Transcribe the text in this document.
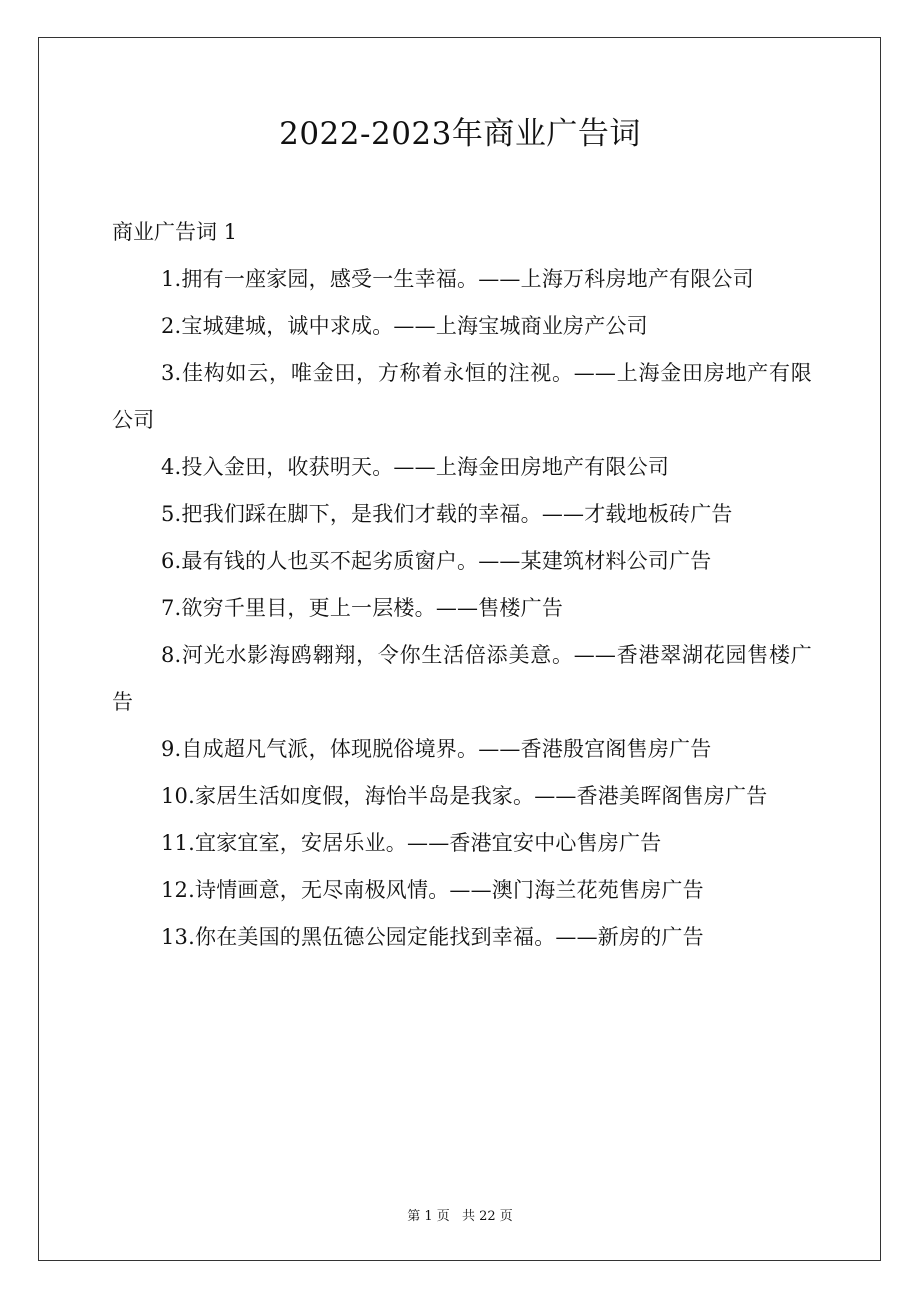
2022-2023年商业广告词

商业广告词 1

1.拥有一座家园，感受一生幸福。——上海万科房地产有限公司

2.宝城建城，诚中求成。——上海宝城商业房产公司

3.佳构如云，唯金田，方称着永恒的注视。——上海金田房地产有限公司

4.投入金田，收获明天。——上海金田房地产有限公司

5.把我们踩在脚下，是我们才载的幸福。——才载地板砖广告

6.最有钱的人也买不起劣质窗户。——某建筑材料公司广告

7.欲穷千里目，更上一层楼。——售楼广告

8.河光水影海鸥翱翔，令你生活倍添美意。——香港翠湖花园售楼广告

9.自成超凡气派，体现脱俗境界。——香港殷宫阁售房广告

10.家居生活如度假，海怡半岛是我家。——香港美晖阁售房广告

11.宜家宜室，安居乐业。——香港宜安中心售房广告

12.诗情画意，无尽南极风情。——澳门海兰花苑售房广告

13.你在美国的黑伍德公园定能找到幸福。——新房的广告

第 1 页 共 22 页
